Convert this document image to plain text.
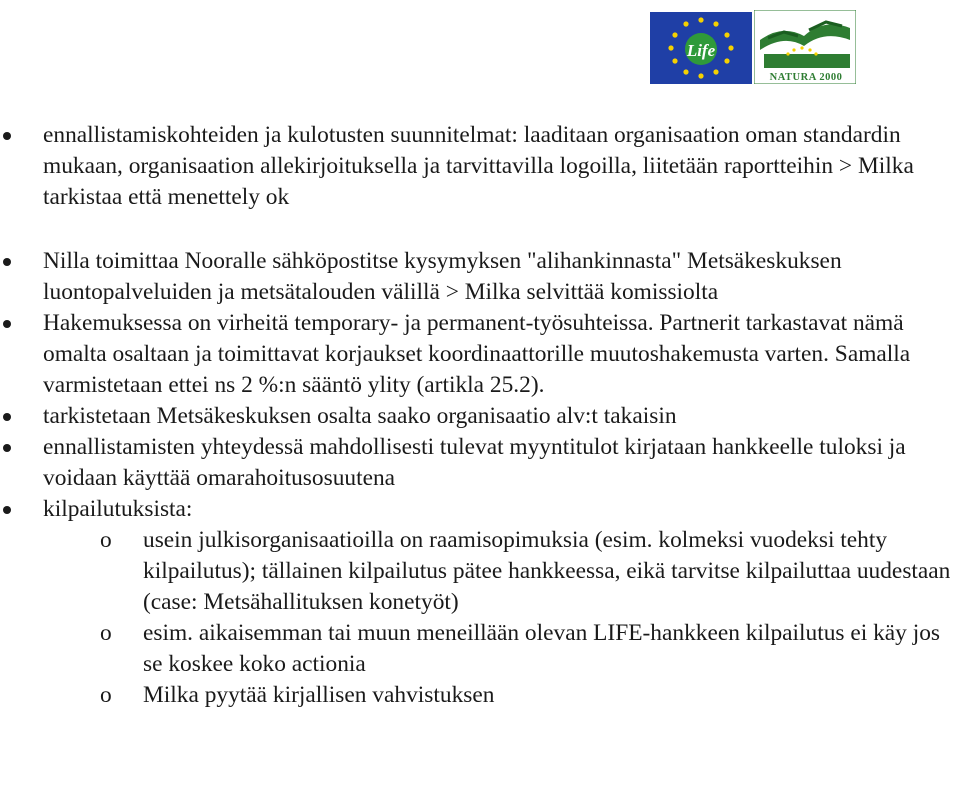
Life
NATURA 2000
ennallistamiskohteiden ja kulotusten suunnitelmat: laaditaan organisaation oman standardin mukaan, organisaation allekirjoituksella ja tarvittavilla logoilla, liitetään raportteihin > Milka tarkistaa että menettely ok
Nilla toimittaa Nooralle sähköpostitse kysymyksen "alihankinnasta" Metsäkeskuksen luontopalveluiden ja metsätalouden välillä > Milka selvittää komissiolta
Hakemuksessa on virheitä temporary- ja permanent-työsuhteissa. Partnerit tarkastavat nämä omalta osaltaan ja toimittavat korjaukset koordinaattorille muutoshakemusta varten. Samalla varmistetaan ettei ns 2 %:n sääntö ylity (artikla 25.2).
tarkistetaan Metsäkeskuksen osalta saako organisaatio alv:t takaisin
ennallistamisten yhteydessä mahdollisesti tulevat myyntitulot kirjataan hankkeelle tuloksi ja voidaan käyttää omarahoitusosuutena
kilpailutuksista:
o usein julkisorganisaatioilla on raamisopimuksia (esim. kolmeksi vuodeksi tehty kilpailutus); tällainen kilpailutus pätee hankkeessa, eikä tarvitse kilpailuttaa uudestaan (case: Metsähallituksen konetyöt)
o esim. aikaisemman tai muun meneillään olevan LIFE-hankkeen kilpailutus ei käy jos se koskee koko actionia
o Milka pyytää kirjallisen vahvistuksen
